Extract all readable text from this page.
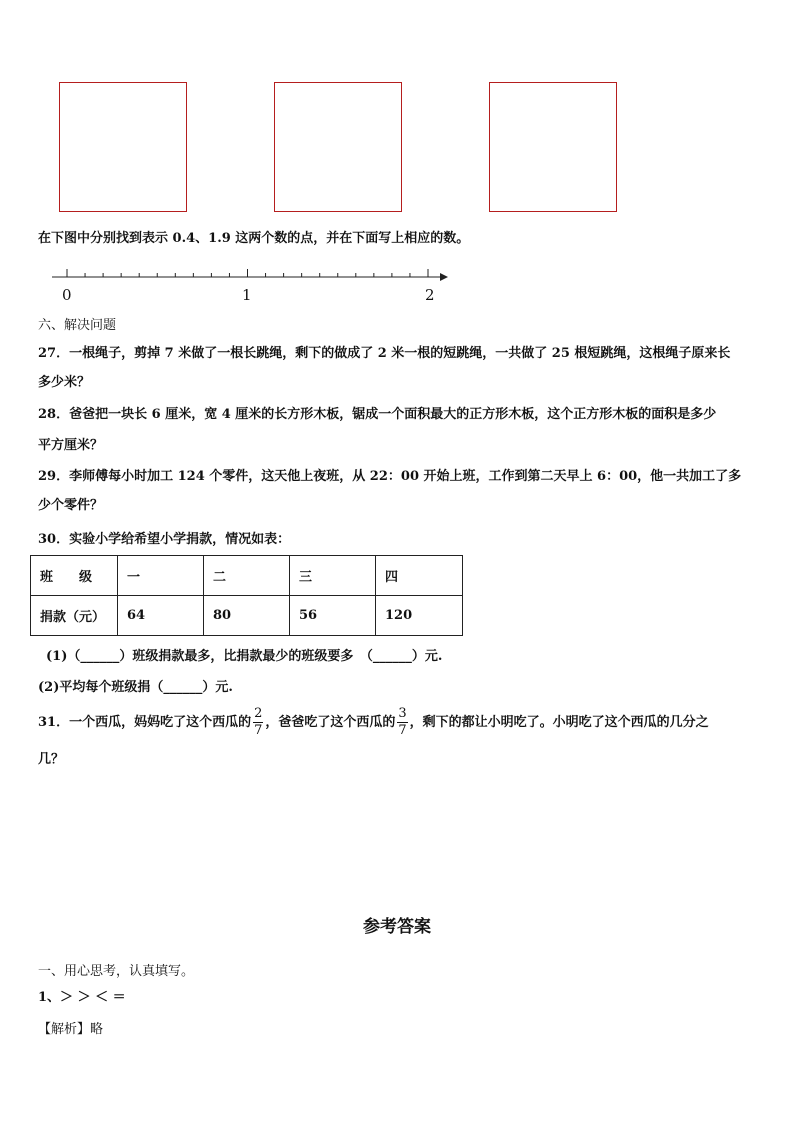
在下图中分别找到表示 0.4、1.9 这两个数的点，并在下面写上相应的数。
0	1	2
六、解决问题
27．一根绳子，剪掉 7 米做了一根长跳绳，剩下的做成了 2 米一根的短跳绳，一共做了 25 根短跳绳，这根绳子原来长
多少米？
28．爸爸把一块长 6 厘米，宽 4 厘米的长方形木板，锯成一个面积最大的正方形木板，这个正方形木板的面积是多少
平方厘米？
29．李师傅每小时加工 124 个零件，这天他上夜班，从 22：00 开始上班，工作到第二天早上 6：00，他一共加工了多
少个零件？
30．实验小学给希望小学捐款，情况如表：
班　　级	一	二	三	四
捐款（元）	64	80	56	120
(1)（______）班级捐款最多，比捐款最少的班级要多　（______）元.
(2)平均每个班级捐（______）元.
31．一个西瓜，妈妈吃了这个西瓜的 $\frac{2}{7}$ ，爸爸吃了这个西瓜的 $\frac{3}{7}$ ，剩下的都让小明吃了。小明吃了这个西瓜的几分之
几？
参考答案
一、用心思考，认真填写。
1、＞ ＞ ＜ ＝
【解析】略
